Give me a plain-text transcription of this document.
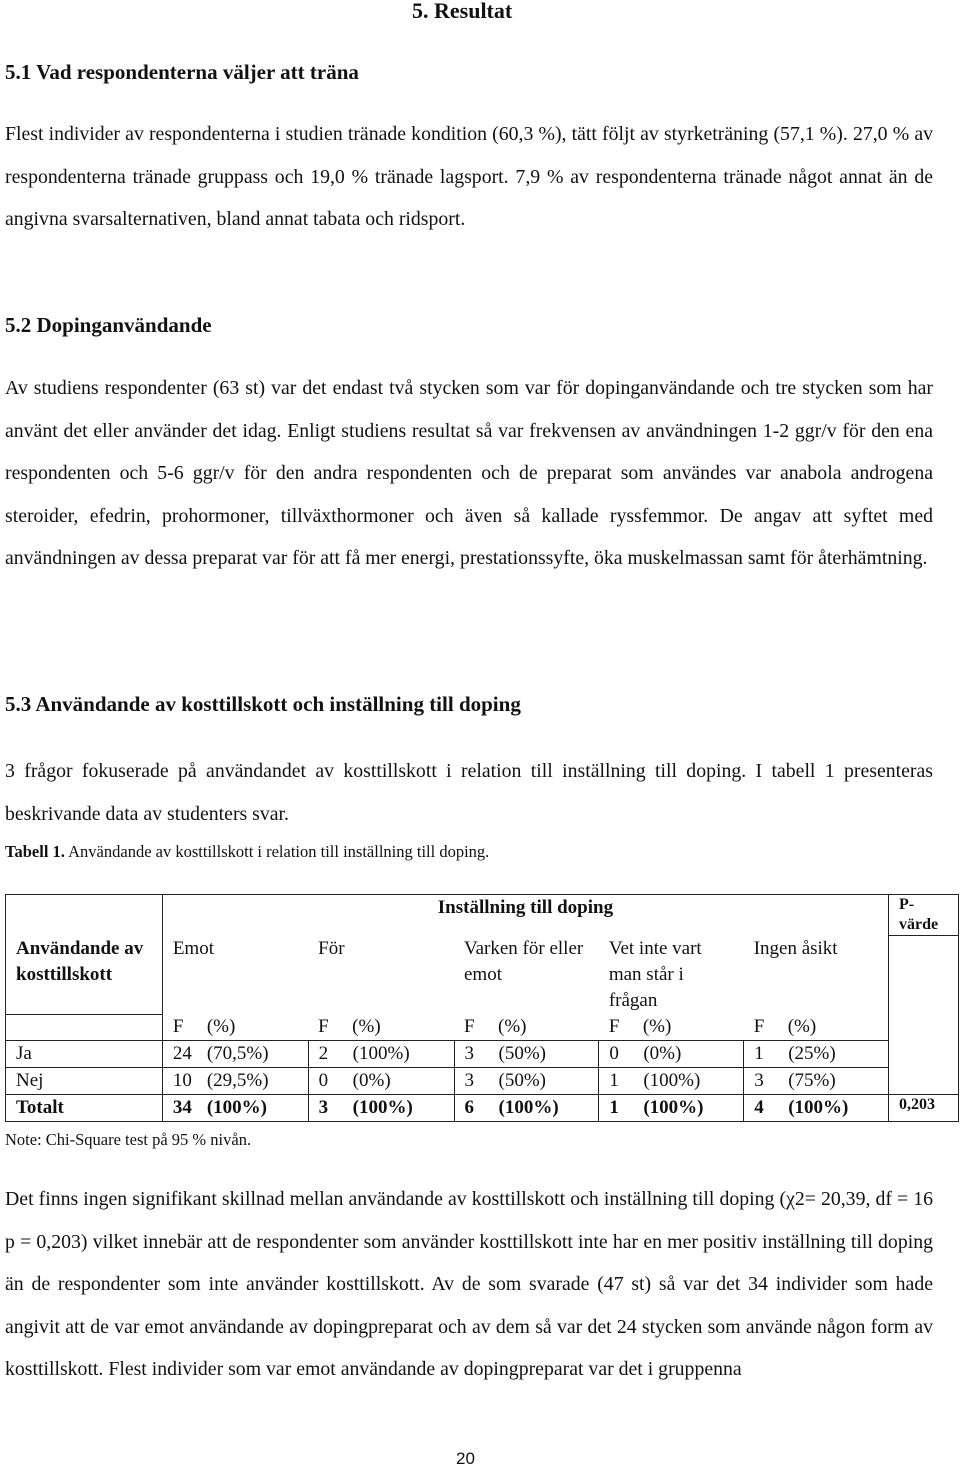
5. Resultat
5.1 Vad respondenterna väljer att träna

Flest individer av respondenterna i studien tränade kondition (60,3 %), tätt följt av styrketräning (57,1 %). 27,0 % av respondenterna tränade gruppass och 19,0 % tränade lagsport. 7,9 % av respondenterna tränade något annat än de angivna svarsalternativen, bland annat tabata och ridsport.

5.2 Dopinganvändande

Av studiens respondenter (63 st) var det endast två stycken som var för dopinganvändande och tre stycken som har använt det eller använder det idag. Enligt studiens resultat så var frekvensen av användningen 1-2 ggr/v för den ena respondenten och 5-6 ggr/v för den andra respondenten och de preparat som användes var anabola androgena steroider, efedrin, prohormoner, tillväxthormoner och även så kallade ryssfemmor. De angav att syftet med användningen av dessa preparat var för att få mer energi, prestationssyfte, öka muskelmassan samt för återhämtning.

5.3 Användande av kosttillskott och inställning till doping

3 frågor fokuserade på användandet av kosttillskott i relation till inställning till doping. I tabell 1 presenteras beskrivande data av studenters svar.

Tabell 1. Användande av kosttillskott i relation till inställning till doping.

	Inställning till doping					P-värde
Användande av kosttillskott	Emot	För	Varken för eller emot	Vet inte vart man står i frågan	Ingen åsikt	

	F (%)	F (%)	F (%)	F (%)	F (%)	

Ja	24 (70,5%)	2 (100%)	3 (50%)	0 (0%)	1 (25%)	

Nej	10 (29,5%)	0 (0%)	3 (50%)	1 (100%)	3 (75%)	

Totalt	34 (100%)	3 (100%)	6 (100%)	1 (100%)	4 (100%)	0,203

Note: Chi-Square test på 95 % nivån.

Det finns ingen signifikant skillnad mellan användande av kosttillskott och inställning till doping (χ2= 20,39, df = 16 p = 0,203) vilket innebär att de respondenter som använder kosttillskott inte har en mer positiv inställning till doping än de respondenter som inte använder kosttillskott. Av de som svarade (47 st) så var det 34 individer som hade angivit att de var emot användande av dopingpreparat och av dem så var det 24 stycken som använde någon form av kosttillskott. Flest individer som var emot användande av dopingpreparat var det i gruppenna

20
